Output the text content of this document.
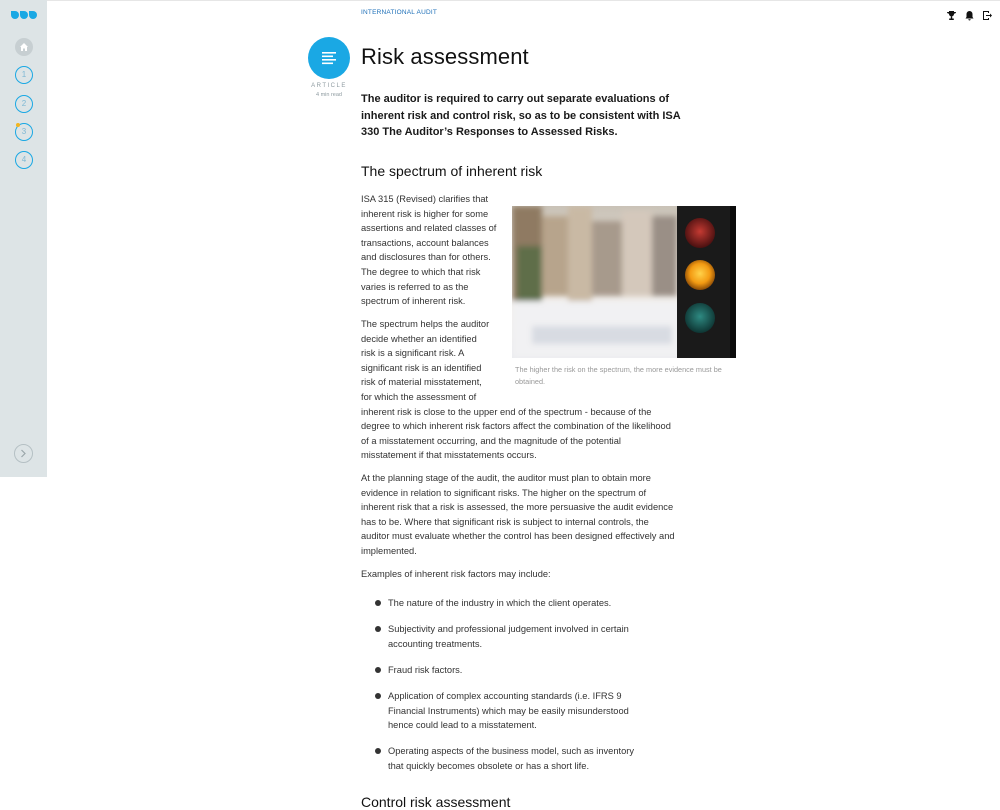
1
2
3
4
INTERNATIONAL AUDIT
ARTICLE
4 min read
Risk assessment

The auditor is required to carry out separate evaluations of inherent risk and control risk, so as to be consistent with ISA 330 The Auditor’s Responses to Assessed Risks.

The spectrum of inherent risk
ISA 315 (Revised) clarifies that
inherent risk is higher for some
assertions and related classes of
transactions, account balances
and disclosures than for others.
The degree to which that risk
varies is referred to as the
spectrum of inherent risk.
The spectrum helps the auditor
decide whether an identified
risk is a significant risk. A
significant risk is an identified
risk of material misstatement,
for which the assessment of
inherent risk is close to the upper end of the spectrum - because of the
degree to which inherent risk factors affect the combination of the likelihood
of a misstatement occurring, and the magnitude of the potential
misstatement if that misstatements occurs.

The higher the risk on the spectrum, the more evidence must be obtained.

At the planning stage of the audit, the auditor must plan to obtain more
evidence in relation to significant risks. The higher on the spectrum of
inherent risk that a risk is assessed, the more persuasive the audit evidence
has to be. Where that significant risk is subject to internal controls, the
auditor must evaluate whether the control has been designed effectively and
implemented.
Examples of inherent risk factors may include:
The nature of the industry in which the client operates.
Subjectivity and professional judgement involved in certain
accounting treatments.
Fraud risk factors.
Application of complex accounting standards (i.e. IFRS 9
Financial Instruments) which may be easily misunderstood
hence could lead to a misstatement.
Operating aspects of the business model, such as inventory
that quickly becomes obsolete or has a short life.
Control risk assessment
